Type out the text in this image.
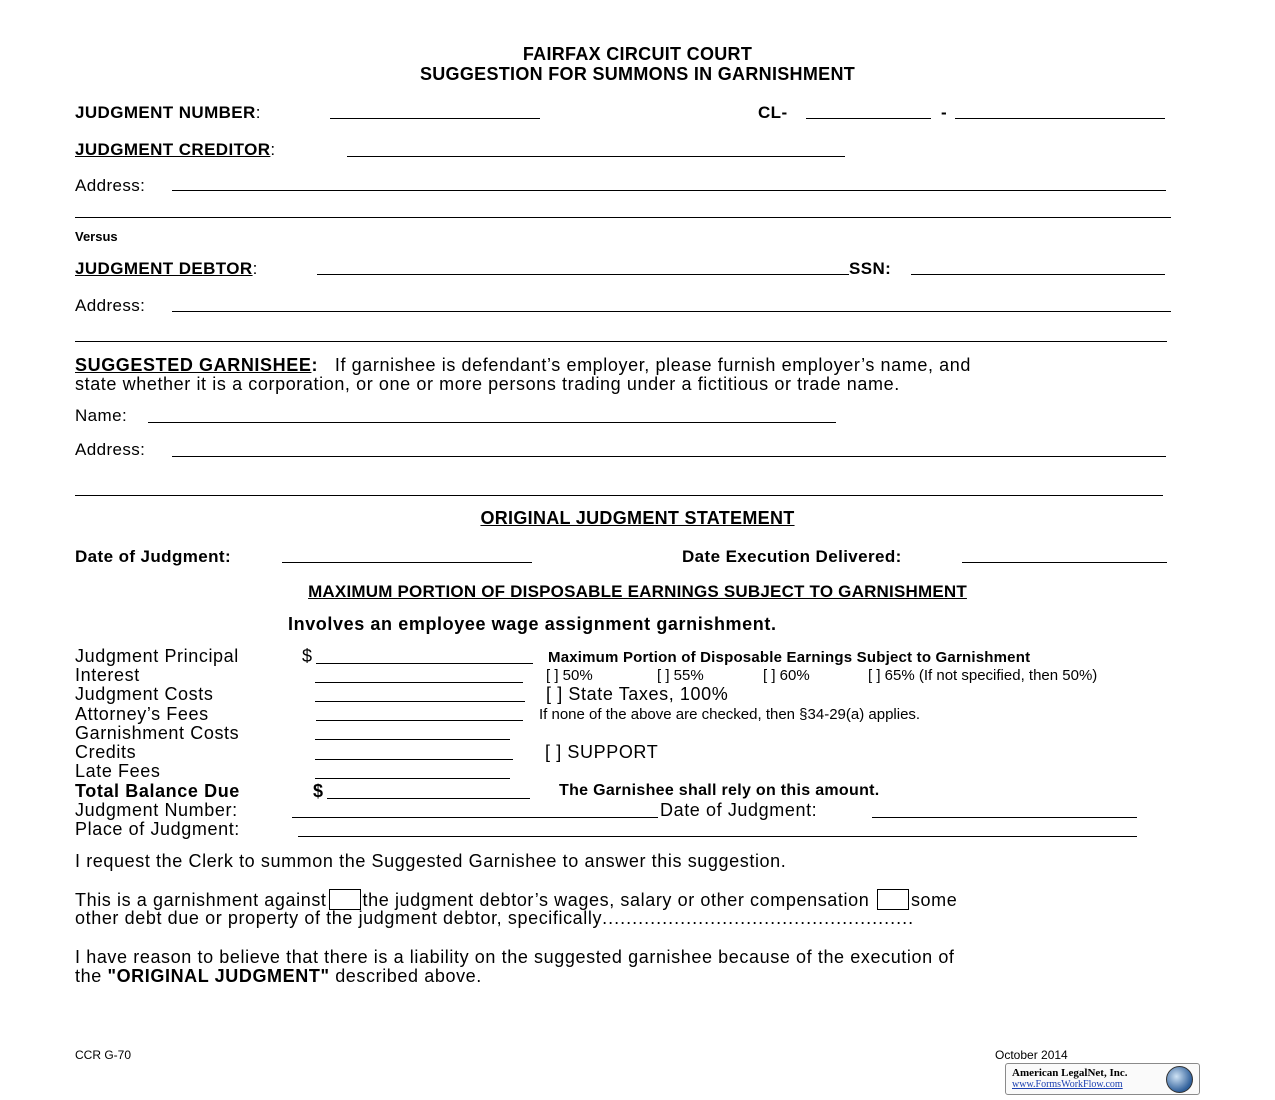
FAIRFAX CIRCUIT COURT
SUGGESTION FOR SUMMONS IN GARNISHMENT
JUDGMENT NUMBER:	CL-	-
JUDGMENT CREDITOR:
Address:
Versus
JUDGMENT DEBTOR:	SSN:
Address:
SUGGESTED GARNISHEE: If garnishee is defendant’s employer, please furnish employer’s name, and
state whether it is a corporation, or one or more persons trading under a fictitious or trade name.
Name:
Address:
ORIGINAL JUDGMENT STATEMENT
Date of Judgment:	Date Execution Delivered:
MAXIMUM PORTION OF DISPOSABLE EARNINGS SUBJECT TO GARNISHMENT
Involves an employee wage assignment garnishment.
Judgment Principal	$
Interest
Judgment Costs
Attorney’s Fees
Garnishment Costs
Credits
Late Fees
Total Balance Due	$
Judgment Number:	Date of Judgment:
Place of Judgment:
Maximum Portion of Disposable Earnings Subject to Garnishment
[ ] 50%	[ ] 55%	[ ] 60%	[ ] 65% (If not specified, then 50%)
[ ] State Taxes, 100%
If none of the above are checked, then §34-29(a) applies.
[ ] SUPPORT
The Garnishee shall rely on this amount.
I request the Clerk to summon the Suggested Garnishee to answer this suggestion.
This is a garnishment against the judgment debtor’s wages, salary or other compensation some
other debt due or property of the judgment debtor, specifically....................................................
I have reason to believe that there is a liability on the suggested garnishee because of the execution of
the "ORIGINAL JUDGMENT" described above.
CCR G-70	October 2014
American LegalNet, Inc.
www.FormsWorkFlow.com
